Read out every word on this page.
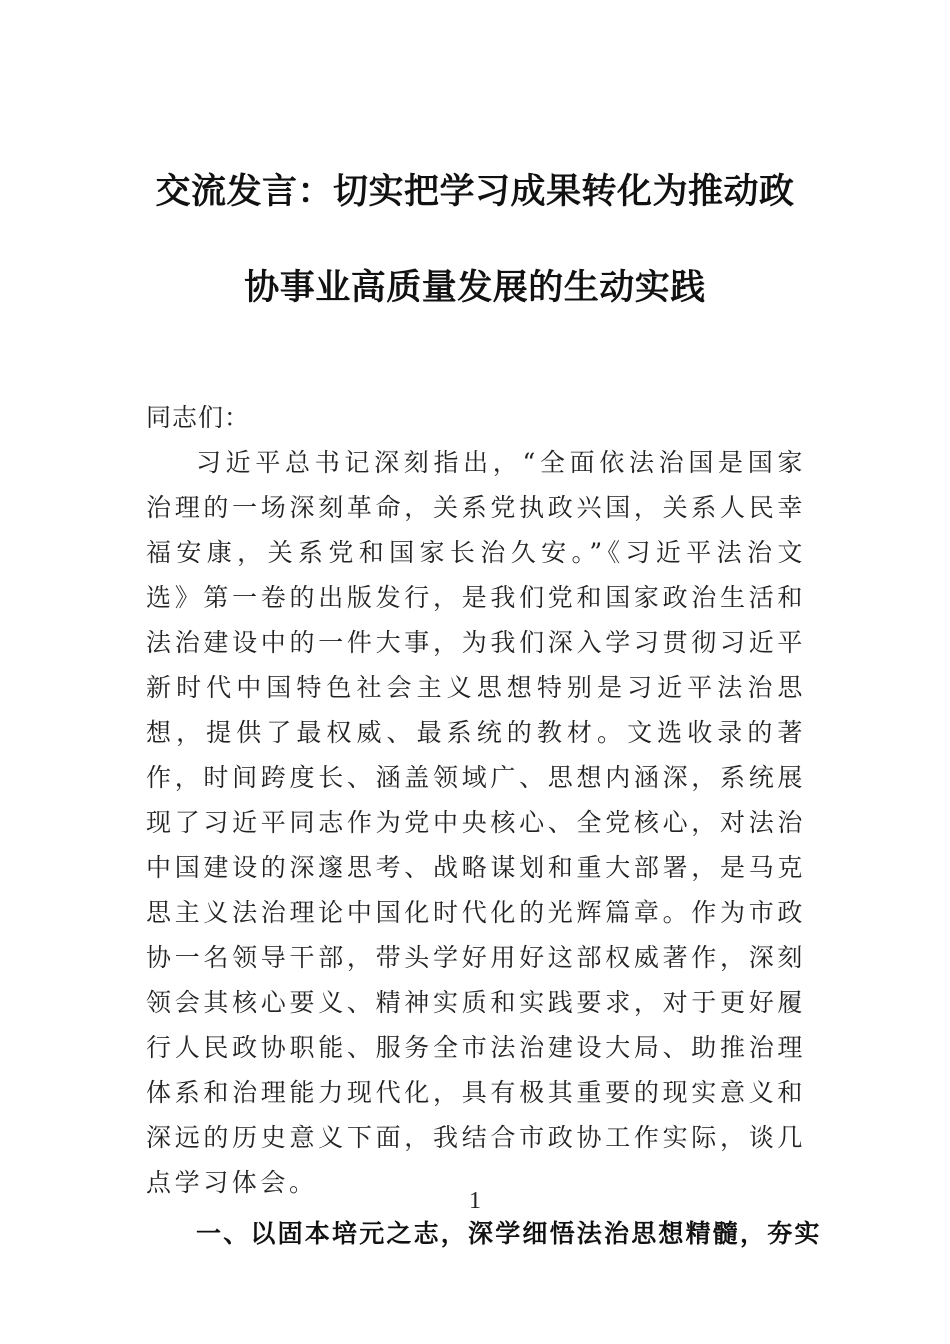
交流发言：切实把学习成果转化为推动政
协事业高质量发展的生动实践

同志们：

习近平总书记深刻指出，“全面依法治国是国家治理的一场深刻革命，关系党执政兴国，关系人民幸福安康，关系党和国家长治久安。”《习近平法治文选》第一卷的出版发行，是我们党和国家政治生活和法治建设中的一件大事，为我们深入学习贯彻习近平新时代中国特色社会主义思想特别是习近平法治思想，提供了最权威、最系统的教材。文选收录的著作，时间跨度长、涵盖领域广、思想内涵深，系统展现了习近平同志作为党中央核心、全党核心，对法治中国建设的深邃思考、战略谋划和重大部署，是马克思主义法治理论中国化时代化的光辉篇章。作为市政协一名领导干部，带头学好用好这部权威著作，深刻领会其核心要义、精神实质和实践要求，对于更好履行人民政协职能、服务全市法治建设大局、助推治理体系和治理能力现代化，具有极其重要的现实意义和深远的历史意义下面，我结合市政协工作实际，谈几点学习体会。

一、以固本培元之志，深学细悟法治思想精髓，夯实

1
